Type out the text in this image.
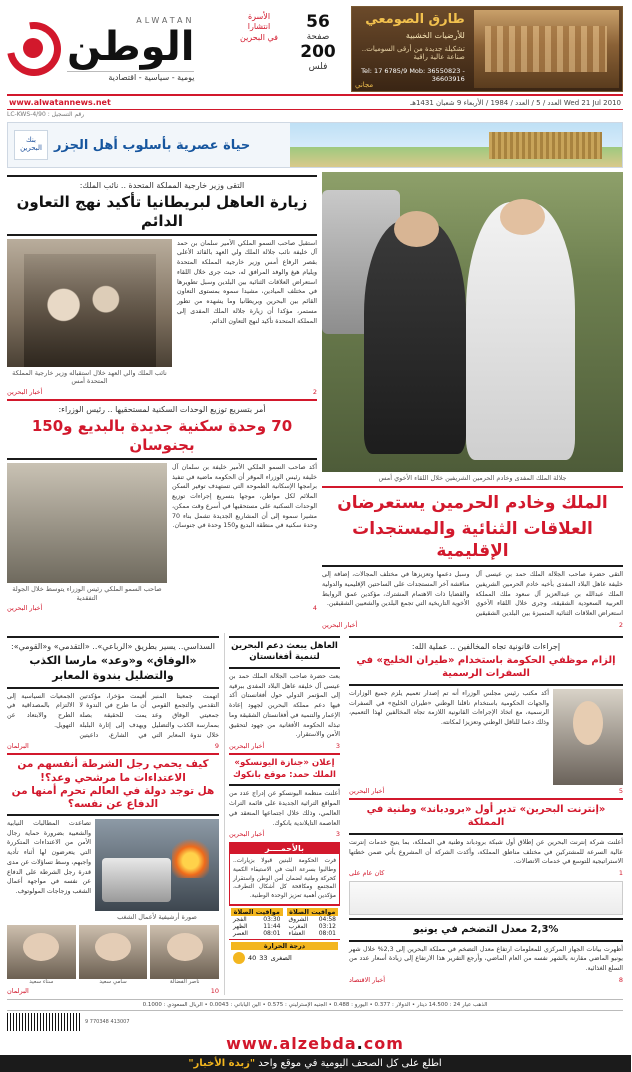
ALWATAN
الوطن
يومية - سياسية - اقتصادية
الأسرة
انتشارا
في البحرين
56
صفحة
200
فلس
طارق الصومعي
للأرضيات الخشبية
تشكيلة جديدة من أرقى السوميات.. صناعة عالية راقية
Tel: 17 6785/9 Mob: 36550823 - 36603916
مجاني
www.alwatannews.net	Wed 21 Jul 2010 العدد / 5 / العدد / 1984 / الأربعاء 9 شعبان 1431هـ
رقم التسجيل : LC-KWS-4/90
بنك البحرين حياة عصرية بأسلوب أهل الجزر
التقى وزير خارجية المملكة المتحدة .. نائب الملك:
زيارة العاهل لبريطانيا تأكيد نهج التعاون الدائم
نائب الملك والي العهد خلال استقباله وزير خارجية المملكة المتحدة أمس
استقبل صاحب السمو الملكي الأمير سلمان بن حمد آل خليفة نائب جلالة الملك ولي العهد بالقائد الأعلى بقصر الرفاع أمس وزير خارجية المملكة المتحدة ويليام هيغ والوفد المرافق له، حيث جرى خلال اللقاء استعراض العلاقات الثنائية بين البلدين وسبل تطويرها في مختلف الميادين، مشيدا سموه بمستوى التعاون القائم بين البحرين وبريطانيا وما يشهده من تطور مستمر، مؤكدا أن زيارة جلالة الملك المفدى إلى المملكة المتحدة تأكيد لنهج التعاون الدائم.
أخبار البحرين	2
أمر بتسريع توزيع الوحدات السكنية لمستحقيها .. رئيس الوزراء:
70 وحدة سكنية جديدة بالبديع و150 بجنوسان
صاحب السمو الملكي رئيس الوزراء يتوسط خلال الجولة التفقدية
أكد صاحب السمو الملكي الأمير خليفة بن سلمان آل خليفة رئيس الوزراء الموقر أن الحكومة ماضية في تنفيذ برامجها الإسكانية الطموحة التي تستهدف توفير السكن الملائم لكل مواطن، موجها بتسريع إجراءات توزيع الوحدات السكنية على مستحقيها في أسرع وقت ممكن، مشيرا سموه إلى أن المشاريع الجديدة تشمل بناء 70 وحدة سكنية في منطقة البديع و150 وحدة في جنوسان.
أخبار البحرين	4
جلالة الملك المفدى وخادم الحرمين الشريفين خلال اللقاء الأخوي أمس
الملك وخادم الحرمين يستعرضان
العلاقات الثنائية والمستجدات الإقليمية
التقى حضرة صاحب الجلالة الملك حمد بن عيسى آل خليفة عاهل البلاد المفدى بأخيه خادم الحرمين الشريفين الملك عبدالله بن عبدالعزيز آل سعود ملك المملكة العربية السعودية الشقيقة، وجرى خلال اللقاء الأخوي استعراض العلاقات الثنائية المتميزة بين البلدين الشقيقين وسبل دعمها وتعزيزها في مختلف المجالات، إضافة إلى مناقشة آخر المستجدات على الساحتين الإقليمية والدولية والقضايا ذات الاهتمام المشترك، مؤكدين عمق الروابط الأخوية التاريخية التي تجمع البلدين والشعبين الشقيقين.
أخبار البحرين	2
السداسي.. يسير بطريق «الرباعي».. «التقدمي» و«القومي»:
«الوفاق» و«وعد» مارسا الكذب والتضليل بندوة المعابر
اتهمت جمعيتا المنبر التقدمي والتجمع القومي جمعيتي الوفاق وعد بممارسة الكذب والتضليل خلال ندوة المعابر التي أقيمت مؤخرا، مؤكدتين أن ما طرح في الندوة لا يمت للحقيقة بصلة ويهدف إلى إثارة البلبلة في الشارع، داعيتين الجمعيات السياسية إلى الالتزام بالمصداقية في الطرح والابتعاد عن التهويل.
البرلمان	9
كيف يحمي رجل الشرطة أنفسهم من الاعتداءات ما مرشحي وعد؟!
هل توجد دولة في العالم تحرم أمنها من الدفاع عن نفسه؟
تصاعدت المطالبات النيابية والشعبية بضرورة حماية رجال الأمن من الاعتداءات المتكررة التي يتعرضون لها أثناء تأدية واجبهم، وسط تساؤلات عن مدى قدرة رجل الشرطة على الدفاع عن نفسه في مواجهة أعمال الشغب وزجاجات المولوتوف.
صورة أرشيفية لأعمال الشغب
سناء سعيد	سامي سعيد	ناصر الفضالة
البرلمان	10
العاهل يبعث دعم البحرين لتنمية أفغانستان
بعث حضرة صاحب الجلالة الملك حمد بن عيسى آل خليفة عاهل البلاد المفدى ببرقية إلى المؤتمر الدولي حول أفغانستان أكد فيها دعم مملكة البحرين لجهود إعادة الإعمار والتنمية في أفغانستان الشقيقة وما تبذله الحكومة الأفغانية من جهود لتحقيق الأمن والاستقرار.
أخبار البحرين	3
إعلان «جنازة اليونسكو» الملك حمد: موقع بانكوك
أعلنت منظمة اليونسكو عن إدراج عدد من المواقع التراثية الجديدة على قائمة التراث العالمي، وذلك خلال اجتماعها المنعقد في العاصمة التايلاندية بانكوك.
أخبار البحرين	3
بالأحمــــر
فرت الحكومة للبنين قبولا بزيارات.. وطالبوا بسرعة البت في الاستيفاء الكمية كحركة وطنية لضمان أمن الوطن واستقرار المجتمع ومكافحة كل أشكال التطرف، مؤكدين أهمية تعزيز الوحدة الوطنية.
مواقيت الصلاة
الفجر	03:30
الظهر	11:44
العصر	08:01
مواقيت الصلاة
الشروق 04:58
المغرب 03:12
العشاء 08:01
درجة الحرارة
40 33 الصغرى
إجراءات قانونية تجاه المخالفين .. عملية الله:
إلزام موظفي الحكومة باستخدام «طيران الخليج» في السفرات الرسمية
أكد مكتب رئيس مجلس الوزراء أنه تم إصدار تعميم يلزم جميع الوزارات والجهات الحكومية باستخدام ناقلنا الوطني «طيران الخليج» في السفرات الرسمية، مع اتخاذ الإجراءات القانونية اللازمة تجاه المخالفين لهذا التعميم، وذلك دعما للناقل الوطني وتعزيزا لمكانته.
أخبار البحرين	5
«إنترنت البحرين» تدير أول «برودباند» وطنية في المملكة
أعلنت شركة إنترنت البحرين عن إطلاق أول شبكة برودباند وطنية في المملكة، بما يتيح خدمات إنترنت عالية السرعة للمشتركين في مختلف مناطق المملكة، وأكدت الشركة أن المشروع يأتي ضمن خطتها الاستراتيجية للتوسع في خدمات الاتصالات.
كان عام على	1
2,3% معدل التضخم في يونيو
أظهرت بيانات الجهاز المركزي للمعلومات ارتفاع معدل التضخم في مملكة البحرين إلى 2,3% خلال شهر يونيو الماضي مقارنة بالشهر نفسه من العام الماضي، وأرجع التقرير هذا الارتفاع إلى زيادة أسعار عدد من السلع الغذائية.
أخبار الاقتصاد	8
الذهب عيار 24 : 14.500 دينار • الدولار : 0.377 • اليورو : 0.488 • الجنيه الإسترليني : 0.575 • الين الياباني : 0.0043 • الريال السعودي : 0.1000
9 770348 413007
www.alzebda.com
اطلع على كل الصحف اليومية في موقع واحد "زبدة الأخبار"
